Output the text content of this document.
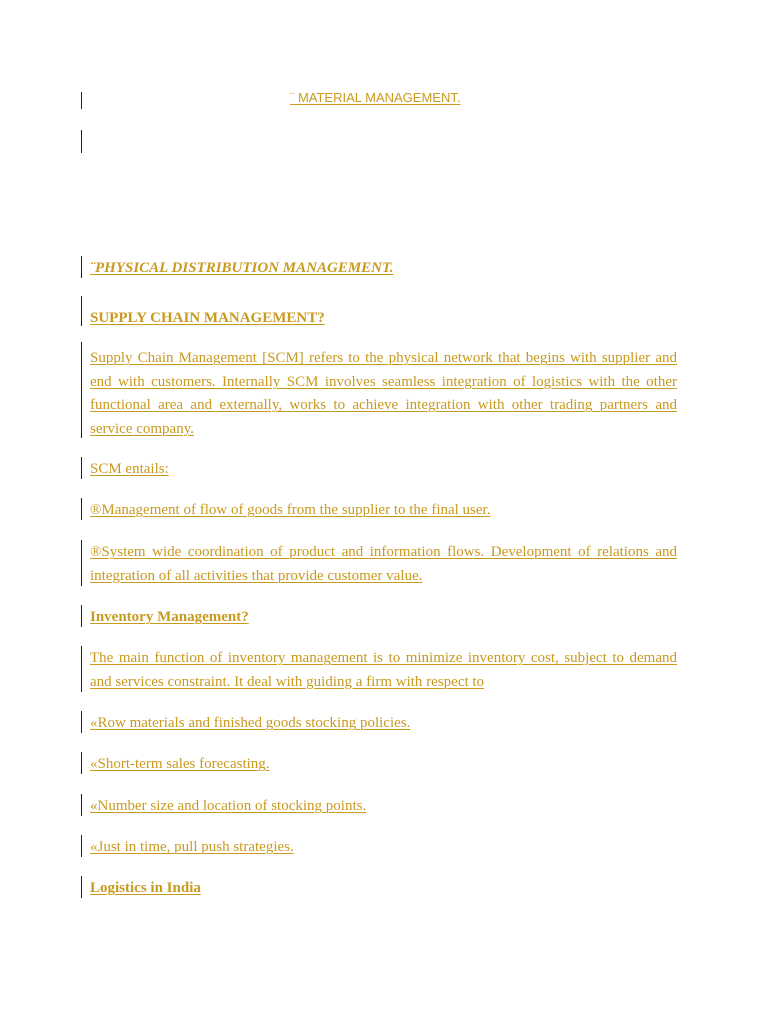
¨ MATERIAL MANAGEMENT.
¨PHYSICAL DISTRIBUTION MANAGEMENT.
SUPPLY CHAIN MANAGEMENT?
Supply Chain Management [SCM] refers to the physical network that begins with supplier and end with customers. Internally SCM involves seamless integration of logistics with the other functional area and externally, works to achieve integration with other trading partners and service company.
SCM entails:
®Management of flow of goods from the supplier to the final user.
®System wide coordination of product and information flows. Development of relations and integration of all activities that provide customer value.
Inventory Management?
The main function of inventory management is to minimize inventory cost, subject to demand and services constraint. It deal with guiding a firm with respect to
«Row materials and finished goods stocking policies.
«Short-term sales forecasting.
«Number size and location of stocking points.
«Just in time, pull push strategies.
Logistics in India
